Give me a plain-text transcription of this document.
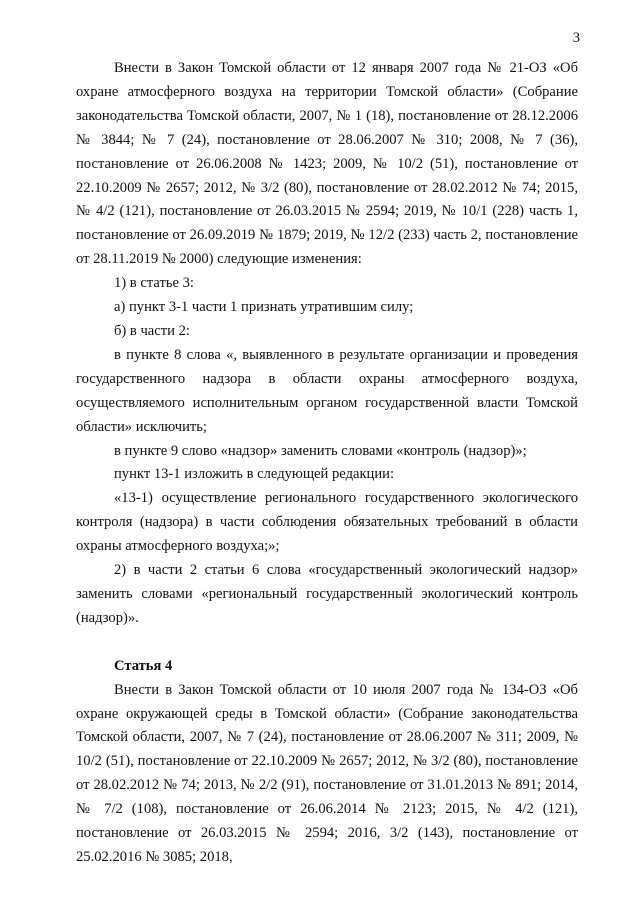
3

Внести в Закон Томской области от 12 января 2007 года № 21-ОЗ «Об охране атмосферного воздуха на территории Томской области» (Собрание законодательства Томской области, 2007, № 1 (18), постановление от 28.12.2006 № 3844; № 7 (24), постановление от 28.06.2007 № 310; 2008, № 7 (36), постановление от 26.06.2008 № 1423; 2009, № 10/2 (51), постановление от 22.10.2009 № 2657; 2012, № 3/2 (80), постановление от 28.02.2012 № 74; 2015, № 4/2 (121), постановление от 26.03.2015 № 2594; 2019, № 10/1 (228) часть 1, постановление от 26.09.2019 № 1879; 2019, № 12/2 (233) часть 2, постановление от 28.11.2019 № 2000) следующие изменения:

1) в статье 3:

а) пункт 3-1 части 1 признать утратившим силу;

б) в части 2:

в пункте 8 слова «, выявленного в результате организации и проведения государственного надзора в области охраны атмосферного воздуха, осуществляемого исполнительным органом государственной власти Томской области» исключить;

в пункте 9 слово «надзор» заменить словами «контроль (надзор)»;

пункт 13-1 изложить в следующей редакции:

«13-1) осуществление регионального государственного экологического контроля (надзора) в части соблюдения обязательных требований в области охраны атмосферного воздуха;»;

2) в части 2 статьи 6 слова «государственный экологический надзор» заменить словами «региональный государственный экологический контроль (надзор)».

Статья 4

Внести в Закон Томской области от 10 июля 2007 года № 134-ОЗ «Об охране окружающей среды в Томской области» (Собрание законодательства Томской области, 2007, № 7 (24), постановление от 28.06.2007 № 311; 2009, № 10/2 (51), постановление от 22.10.2009 № 2657; 2012, № 3/2 (80), постановление от 28.02.2012 № 74; 2013, № 2/2 (91), постановление от 31.01.2013 № 891; 2014, № 7/2 (108), постановление от 26.06.2014 № 2123; 2015, № 4/2 (121), постановление от 26.03.2015 № 2594; 2016, 3/2 (143), постановление от 25.02.2016 № 3085; 2018,
